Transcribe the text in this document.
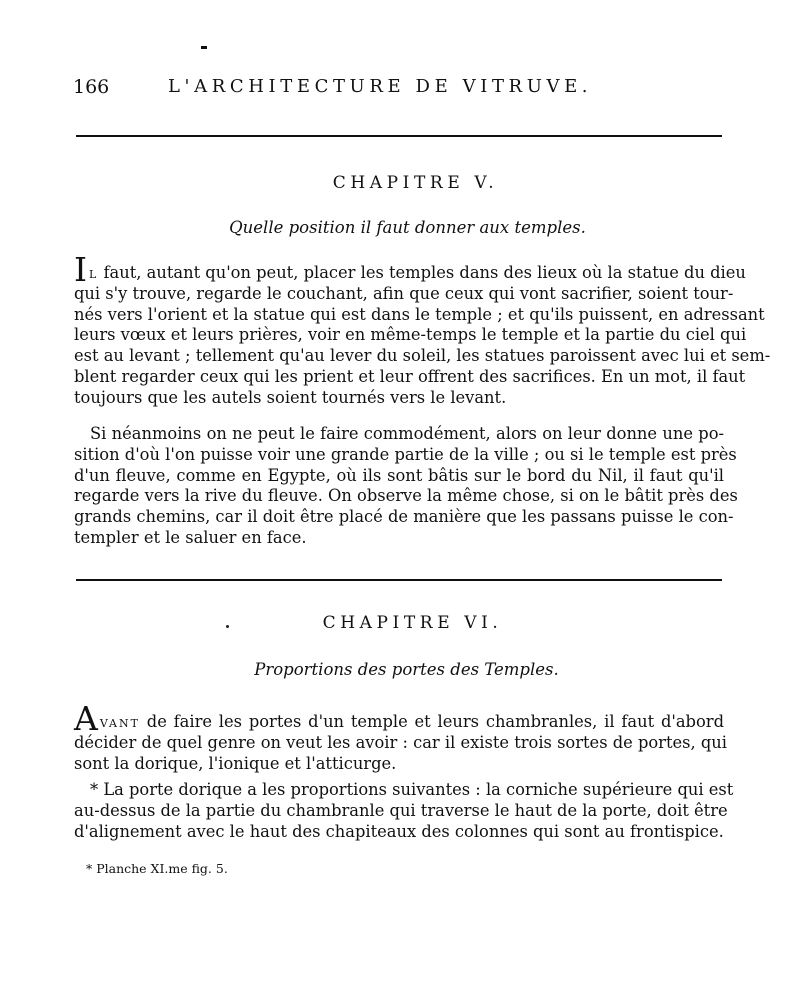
166	L'ARCHITECTURE DE VITRUVE.
CHAPITRE V.
Quelle position il faut donner aux temples.
Il faut, autant qu'on peut, placer les temples dans des lieux où la statue du dieu
qui s'y trouve, regarde le couchant, afin que ceux qui vont sacrifier, soient tour-
nés vers l'orient et la statue qui est dans le temple ; et qu'ils puissent, en adressant
leurs vœux et leurs prières, voir en même-temps le temple et la partie du ciel qui
est au levant ; tellement qu'au lever du soleil, les statues paroissent avec lui et sem-
blent regarder ceux qui les prient et leur offrent des sacrifices. En un mot, il faut
toujours que les autels soient tournés vers le levant.
Si néanmoins on ne peut le faire commodément, alors on leur donne une po-
sition d'où l'on puisse voir une grande partie de la ville ; ou si le temple est près
d'un fleuve, comme en Egypte, où ils sont bâtis sur le bord du Nil, il faut qu'il
regarde vers la rive du fleuve. On observe la même chose, si on le bâtit près des
grands chemins, car il doit être placé de manière que les passans puisse le con-
templer et le saluer en face.
CHAPITRE VI.
Proportions des portes des Temples.
Avant de faire les portes d'un temple et leurs chambranles, il faut d'abord
décider de quel genre on veut les avoir : car il existe trois sortes de portes, qui
sont la dorique, l'ionique et l'atticurge.
* La porte dorique a les proportions suivantes : la corniche supérieure qui est
au-dessus de la partie du chambranle qui traverse le haut de la porte, doit être
d'alignement avec le haut des chapiteaux des colonnes qui sont au frontispice.
* Planche XI.me fig. 5.
